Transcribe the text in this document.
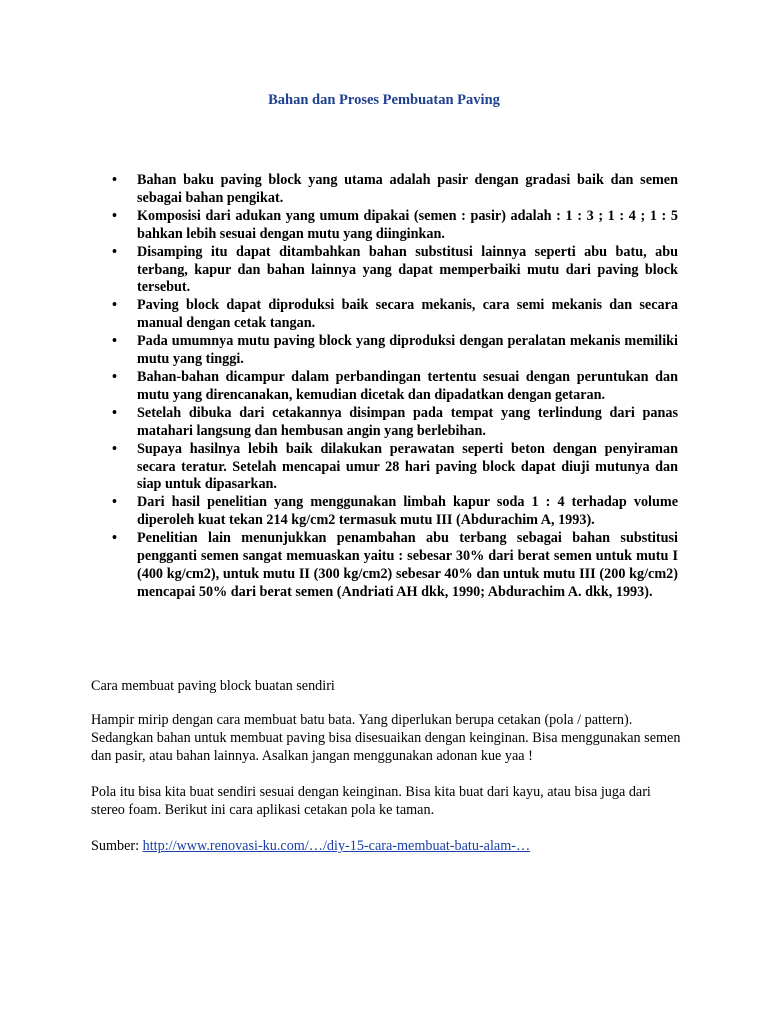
Bahan dan Proses Pembuatan Paving
• Bahan baku paving block yang utama adalah pasir dengan gradasi baik dan semen sebagai bahan pengikat.
• Komposisi dari adukan yang umum dipakai (semen : pasir) adalah : 1 : 3 ; 1 : 4 ; 1 : 5 bahkan lebih sesuai dengan mutu yang diinginkan.
• Disamping itu dapat ditambahkan bahan substitusi lainnya seperti abu batu, abu terbang, kapur dan bahan lainnya yang dapat memperbaiki mutu dari paving block tersebut.
• Paving block dapat diproduksi baik secara mekanis, cara semi mekanis dan secara manual dengan cetak tangan.
• Pada umumnya mutu paving block yang diproduksi dengan peralatan mekanis memiliki mutu yang tinggi.
• Bahan-bahan dicampur dalam perbandingan tertentu sesuai dengan peruntukan dan mutu yang direncanakan, kemudian dicetak dan dipadatkan dengan getaran.
• Setelah dibuka dari cetakannya disimpan pada tempat yang terlindung dari panas matahari langsung dan hembusan angin yang berlebihan.
• Supaya hasilnya lebih baik dilakukan perawatan seperti beton dengan penyiraman secara teratur. Setelah mencapai umur 28 hari paving block dapat diuji mutunya dan siap untuk dipasarkan.
• Dari hasil penelitian yang menggunakan limbah kapur soda 1 : 4 terhadap volume diperoleh kuat tekan 214 kg/cm2 termasuk mutu III (Abdurachim A, 1993).
• Penelitian lain menunjukkan penambahan abu terbang sebagai bahan substitusi pengganti semen sangat memuaskan yaitu : sebesar 30% dari berat semen untuk mutu I (400 kg/cm2), untuk mutu II (300 kg/cm2) sebesar 40% dan untuk mutu III (200 kg/cm2) mencapai 50% dari berat semen (Andriati AH dkk, 1990; Abdurachim A. dkk, 1993).

Cara membuat paving block buatan sendiri

Hampir mirip dengan cara membuat batu bata. Yang diperlukan berupa cetakan (pola / pattern). Sedangkan bahan untuk membuat paving bisa disesuaikan dengan keinginan. Bisa menggunakan semen dan pasir, atau bahan lainnya. Asalkan jangan menggunakan adonan kue yaa !

Pola itu bisa kita buat sendiri sesuai dengan keinginan. Bisa kita buat dari kayu, atau bisa juga dari stereo foam. Berikut ini cara aplikasi cetakan pola ke taman.

Sumber: http://www.renovasi-ku.com/…/diy-15-cara-membuat-batu-alam-…
